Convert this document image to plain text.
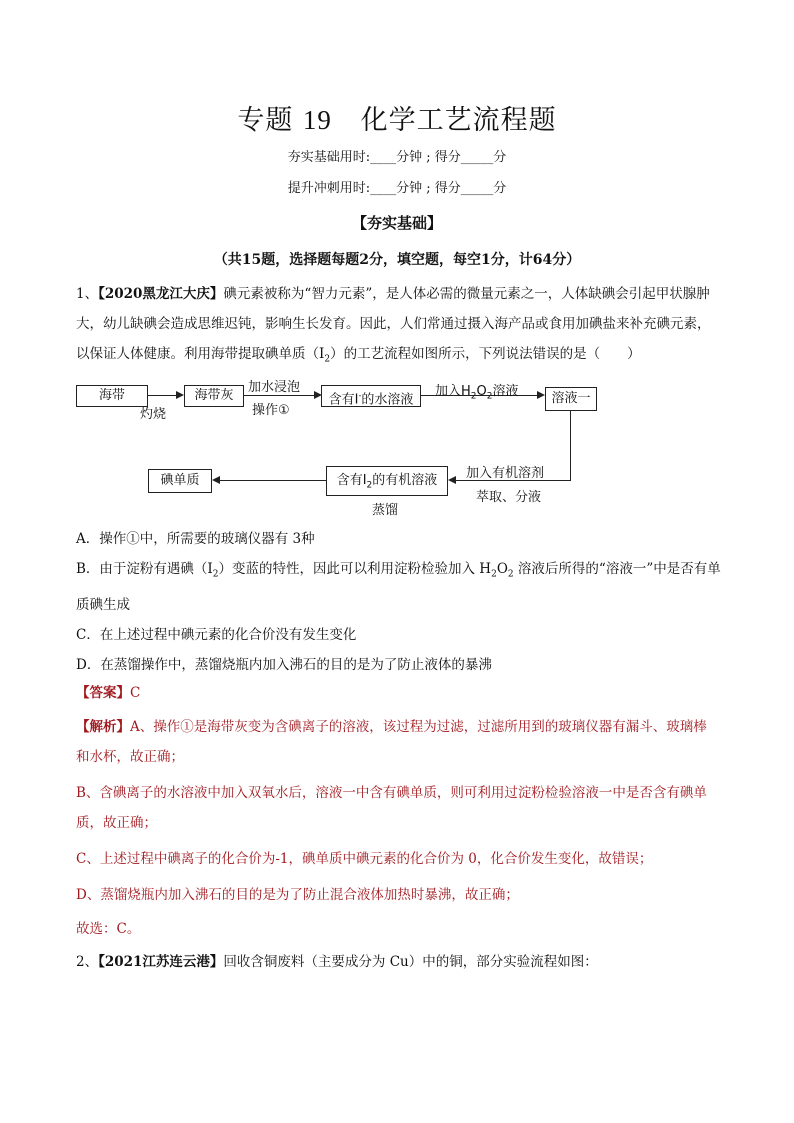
专题 19 化学工艺流程题
夯实基础用时:____分钟 ; 得分_____分
提升冲刺用时:____分钟 ; 得分_____分
【夯实基础】
（共15题，选择题每题2分，填空题，每空1分，计64分）
1、【2020黑龙江大庆】碘元素被称为“智力元素”，是人体必需的微量元素之一，人体缺碘会引起甲状腺肿
大，幼儿缺碘会造成思维迟钝，影响生长发育。因此，人们常通过摄入海产品或食用加碘盐来补充碘元素，
以保证人体健康。利用海带提取碘单质$(I_2)$的工艺流程如图所示，下列说法错误的是（　　）
海带
灼烧
海带灰
加水浸泡
操作①
含有I-的水溶液
加入$H_2O_2$溶液	溶液一
加入有机溶剂
萃取、分液
含有$I_2$的有机溶液
蒸馏
碘单质
A．操作①中，所需要的玻璃仪器有 3种
B．由于淀粉有遇碘$(I_2)$变蓝的特性，因此可以利用淀粉检验加入 $H_2O_2$ 溶液后所得的“溶液一”中是否有单
质碘生成
C．在上述过程中碘元素的化合价没有发生变化
D．在蒸馏操作中，蒸馏烧瓶内加入沸石的目的是为了防止液体的暴沸
【答案】C
【解析】A、操作①是海带灰变为含碘离子的溶液，该过程为过滤，过滤所用到的玻璃仪器有漏斗、玻璃棒
和水杯，故正确；
B、含碘离子的水溶液中加入双氧水后，溶液一中含有碘单质，则可利用过淀粉检验溶液一中是否含有碘单
质，故正确；
C、上述过程中碘离子的化合价为-1，碘单质中碘元素的化合价为 0，化合价发生变化，故错误；
D、蒸馏烧瓶内加入沸石的目的是为了防止混合液体加热时暴沸，故正确；
故选：C。
2、【2021江苏连云港】回收含铜废料（主要成分为 Cu）中的铜，部分实验流程如图：
